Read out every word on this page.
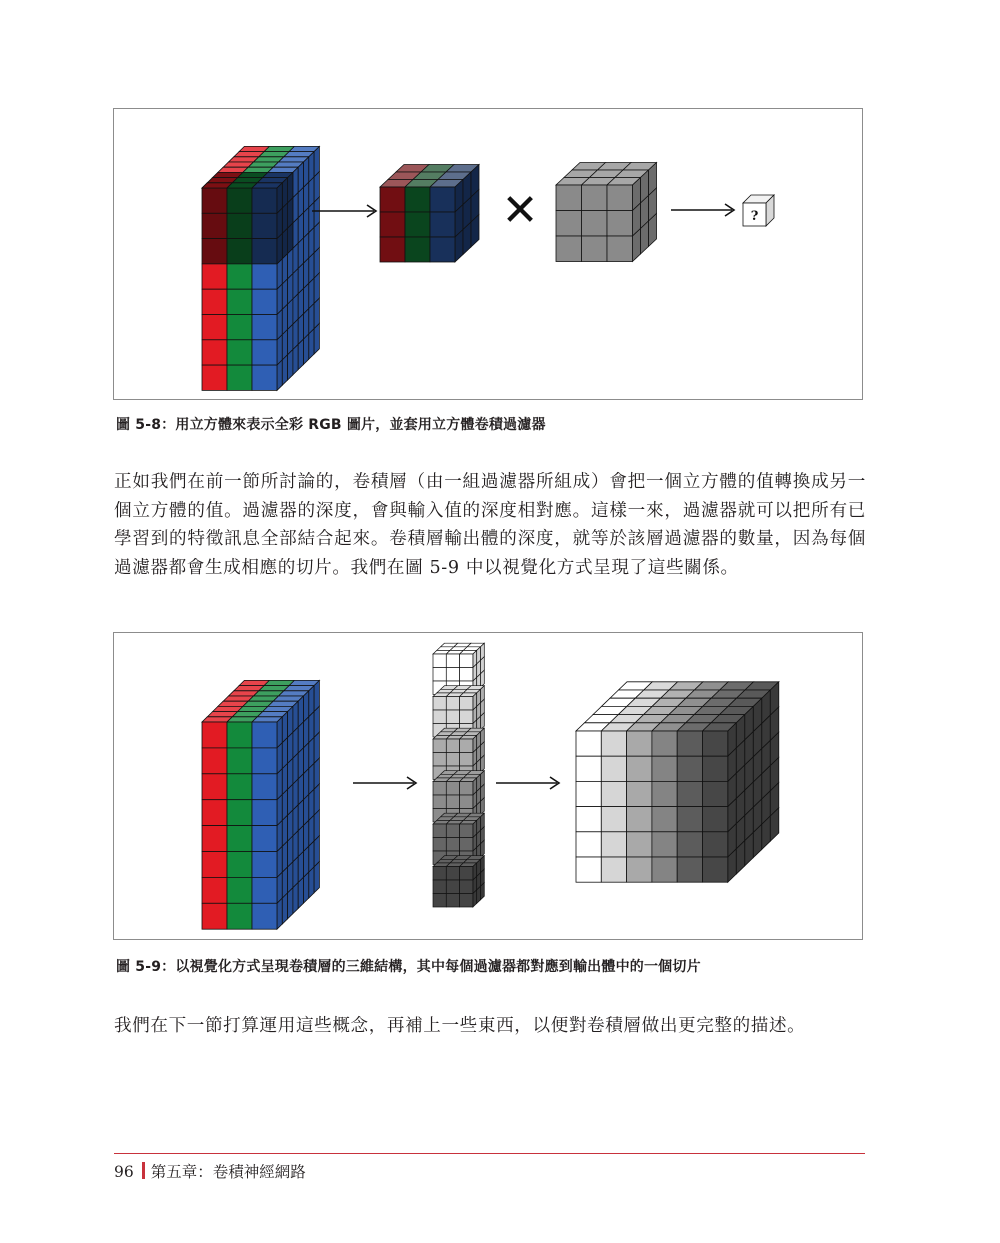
✕	?
圖 5-8：用立方體來表示全彩 RGB 圖片，並套用立方體卷積過濾器
正如我們在前一節所討論的，卷積層（由一組過濾器所組成）會把一個立方體的值轉換成另一個立方體的值。過濾器的深度，會與輸入值的深度相對應。這樣一來，過濾器就可以把所有已學習到的特徵訊息全部結合起來。卷積層輸出體的深度，就等於該層過濾器的數量，因為每個過濾器都會生成相應的切片。我們在圖 5-9 中以視覺化方式呈現了這些關係。
圖 5-9：以視覺化方式呈現卷積層的三維結構，其中每個過濾器都對應到輸出體中的一個切片
我們在下一節打算運用這些概念，再補上一些東西，以便對卷積層做出更完整的描述。
96 第五章：卷積神經網路
